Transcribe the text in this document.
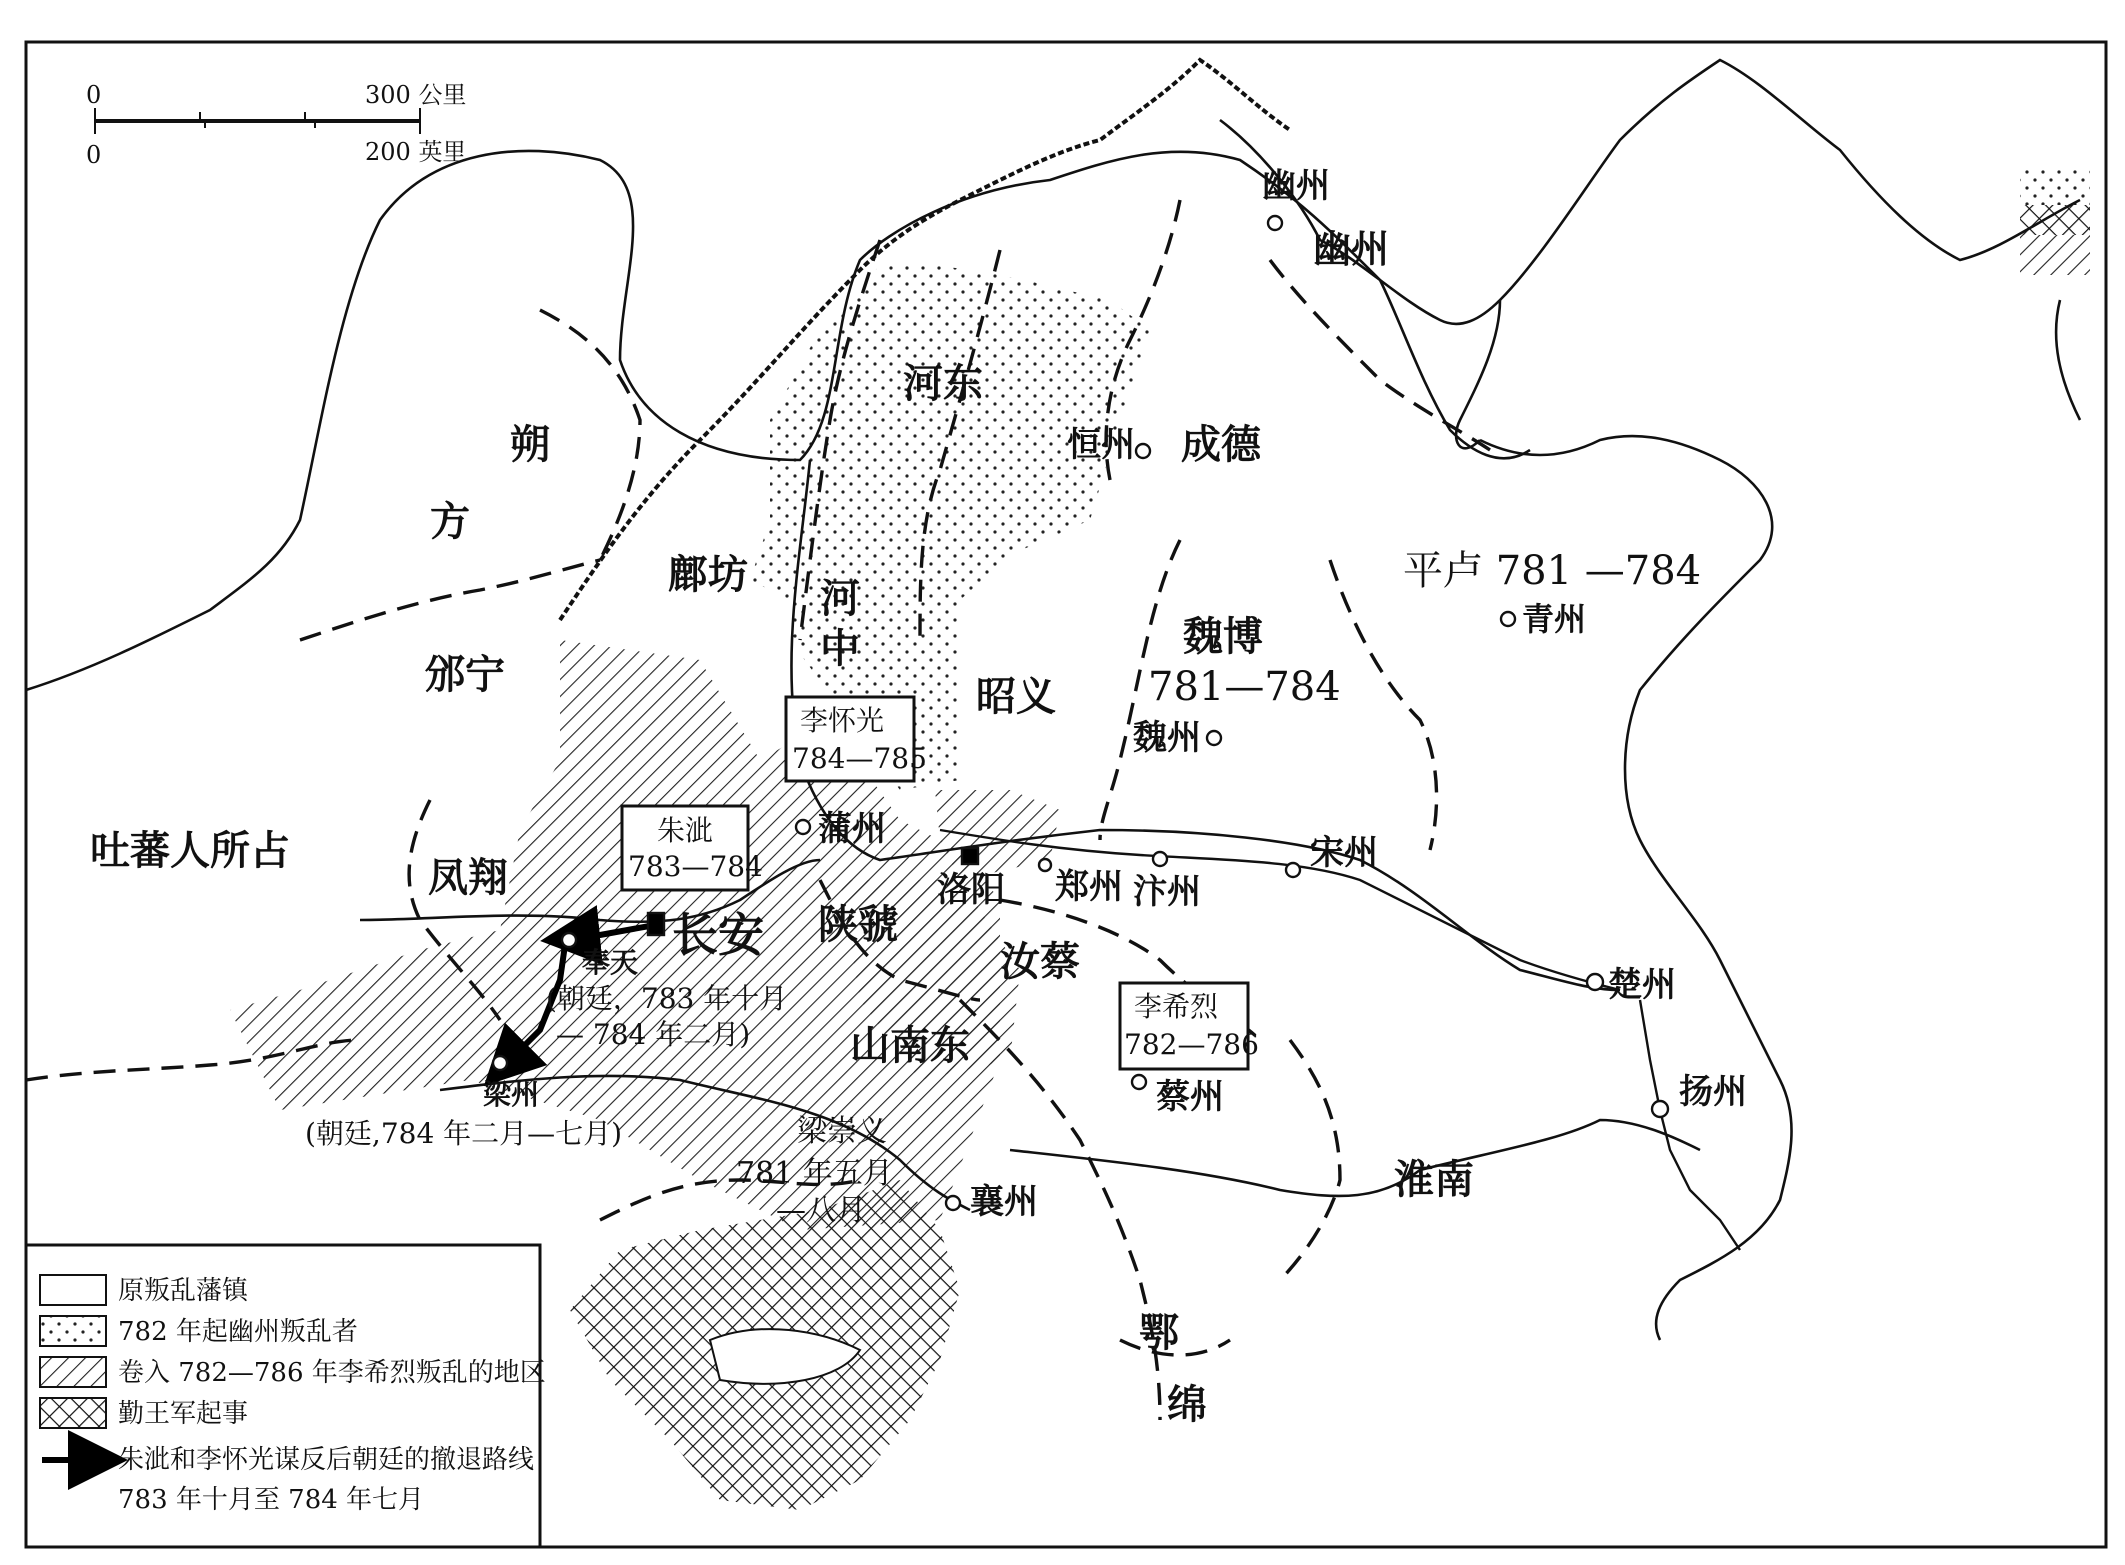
0	300 公里
0	200 英里
幽州
幽州
河东
恒州 成德
朔
方
鄜坊
河
中
平卢 781 —784
青州
魏博
781—784
魏州
昭义
邠宁
吐蕃人所占
凤翔
蒲州
长安
奉天
(朝廷，783 年十月
— 784 年二月)
陕虢
洛阳 郑州 汴州
宋州
楚州
扬州
汝蔡
蔡州
山南东
梁州
(朝廷,784 年二月—七月)	梁崇义
781 年五月
—八月	襄州	淮南
鄂
绵
李怀光
784—785
朱泚
783—784
李希烈
782—786
原叛乱藩镇
782 年起幽州叛乱者
卷入 782—786 年李希烈叛乱的地区
勤王军起事
朱泚和李怀光谋反后朝廷的撤退路线
783 年十月至 784 年七月
